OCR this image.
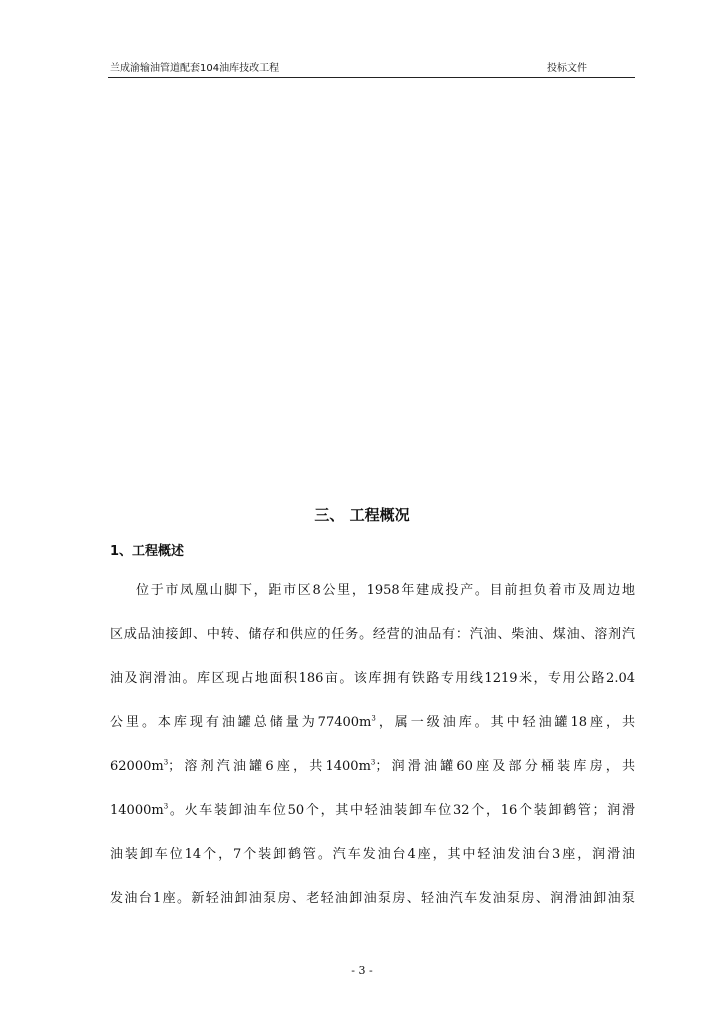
兰成渝输油管道配套104油库技改工程	投标文件
三、 工程概况
1、工程概述
位于市凤凰山脚下，距市区8公里，1958年建成投产。目前担负着市及周边地
区成品油接卸、中转、储存和供应的任务。经营的油品有：汽油、柴油、煤油、溶剂汽
油及润滑油。库区现占地面积186亩。该库拥有铁路专用线1219米，专用公路2.04
公里。本库现有油罐总储量为$77400m^3$，属一级油库。其中轻油罐18座，共
$62000m^3$；溶剂汽油罐6座，共$1400m^3$；润滑油罐60座及部分桶装库房，共
$14000m^3$。火车装卸油车位50个，其中轻油装卸车位32个，16个装卸鹤管；润滑
油装卸车位14个，7个装卸鹤管。汽车发油台4座，其中轻油发油台3座，润滑油
发油台1座。新轻油卸油泵房、老轻油卸油泵房、轻油汽车发油泵房、润滑油卸油泵
- 3 -
